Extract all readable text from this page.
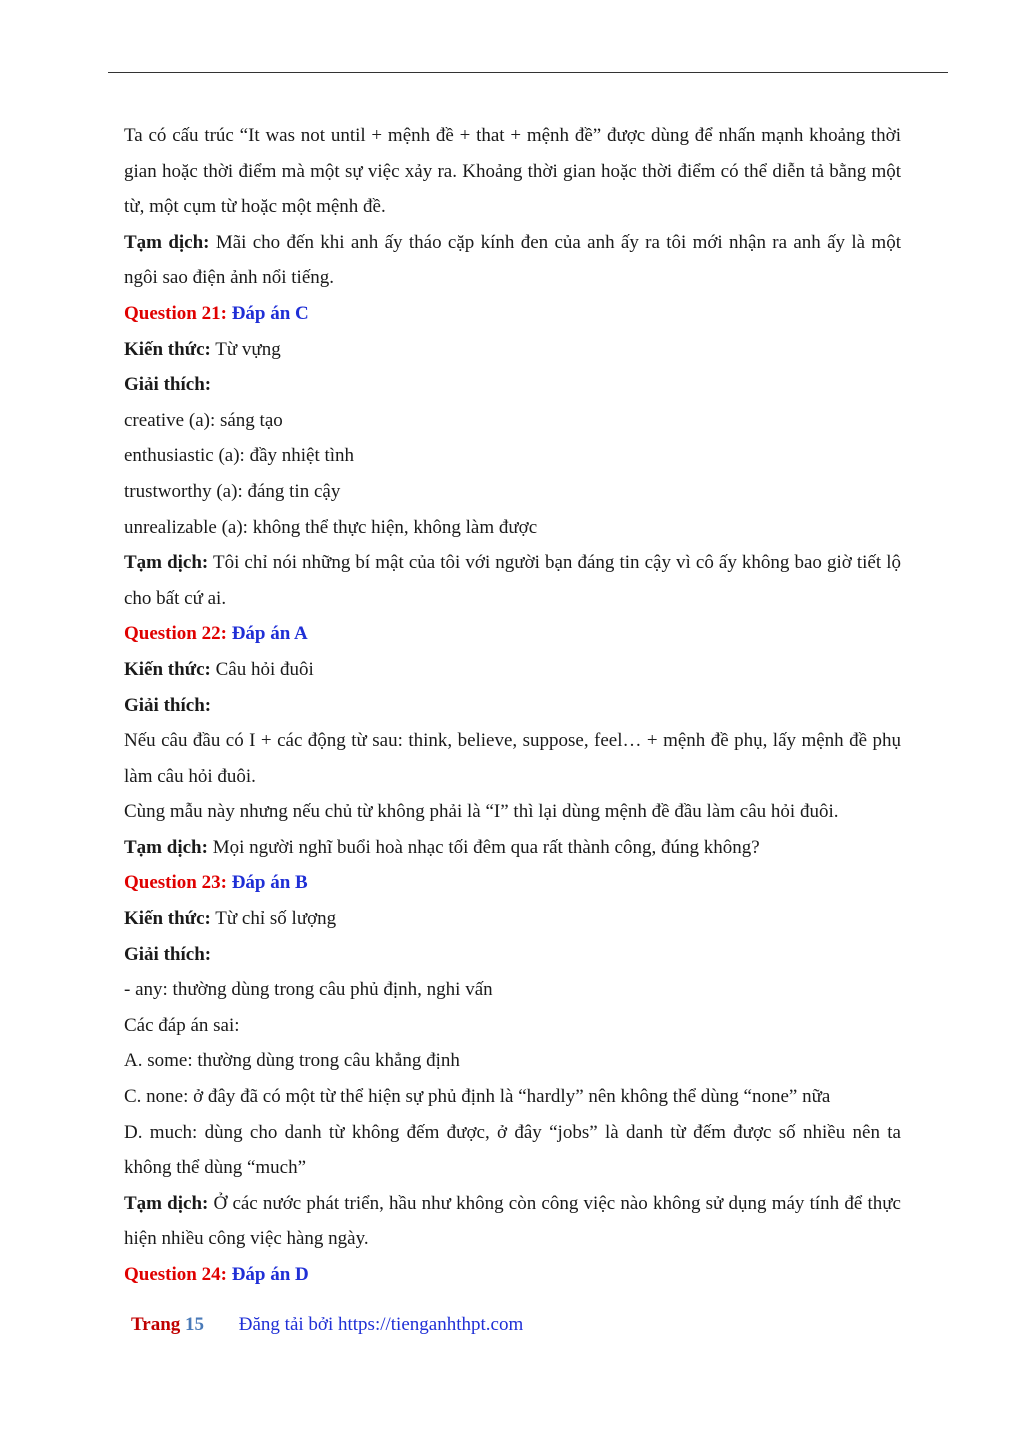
Ta có cấu trúc “It was not until + mệnh đề + that + mệnh đề” được dùng để nhấn mạnh khoảng thời gian hoặc thời điểm mà một sự việc xảy ra. Khoảng thời gian hoặc thời điểm có thể diễn tả bằng một từ, một cụm từ hoặc một mệnh đề.

Tạm dịch: Mãi cho đến khi anh ấy tháo cặp kính đen của anh ấy ra tôi mới nhận ra anh ấy là một ngôi sao điện ảnh nổi tiếng.

Question 21: Đáp án C

Kiến thức: Từ vựng

Giải thích:

creative (a): sáng tạo

enthusiastic (a): đầy nhiệt tình

trustworthy (a): đáng tin cậy

unrealizable (a): không thể thực hiện, không làm được

Tạm dịch: Tôi chỉ nói những bí mật của tôi với người bạn đáng tin cậy vì cô ấy không bao giờ tiết lộ cho bất cứ ai.

Question 22: Đáp án A

Kiến thức: Câu hỏi đuôi

Giải thích:

Nếu câu đầu có I + các động từ sau: think, believe, suppose, feel… + mệnh đề phụ, lấy mệnh đề phụ làm câu hỏi đuôi.

Cùng mẫu này nhưng nếu chủ từ không phải là “I” thì lại dùng mệnh đề đầu làm câu hỏi đuôi.

Tạm dịch: Mọi người nghĩ buổi hoà nhạc tối đêm qua rất thành công, đúng không?

Question 23: Đáp án B

Kiến thức: Từ chỉ số lượng

Giải thích:

- any: thường dùng trong câu phủ định, nghi vấn

Các đáp án sai:

A. some: thường dùng trong câu khẳng định

C. none: ở đây đã có một từ thể hiện sự phủ định là “hardly” nên không thể dùng “none” nữa

D. much: dùng cho danh từ không đếm được, ở đây “jobs” là danh từ đếm được số nhiều nên ta không thể dùng “much”

Tạm dịch: Ở các nước phát triển, hầu như không còn công việc nào không sử dụng máy tính để thực hiện nhiều công việc hàng ngày.

Question 24: Đáp án D

Trang 15 Đăng tải bởi https://tienganhthpt.com
